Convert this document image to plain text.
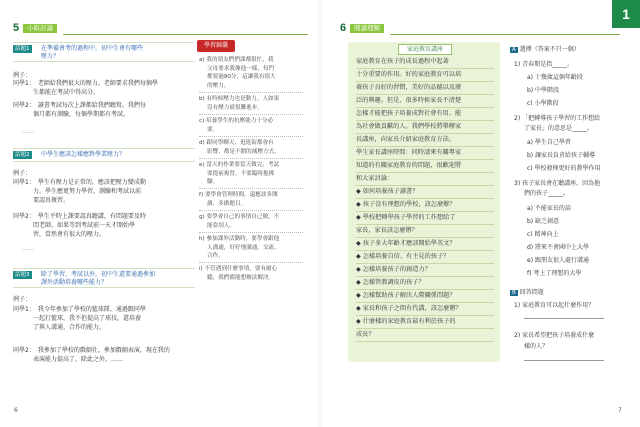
5	小組討論
話題1	在準備會考的過程中，初中生會有哪些
壓力？
例子：
同學1： 老師給我們很大的壓力。老師要求我們每個學
生都能在考試中得高分。
同學2： 讀書考試每次上課都給我們聽寫。我們每
個月都有測驗，每個學期都有考試。
……
話題2	中學生應該怎樣應對學業壓力？
例子：
同學1： 學生有壓力是正常的，應該把壓力變成動
力。學生應更努力學習，測驗和考試以前
要認真複習。
同學2： 學生平時上課要認真聽講，有問題要及時
問老師。如果等到考試前一天才開始學
習，當然會有很大的壓力。
……
話題3	除了學習、考試以外，初中生還要通過參加
課外活動培養哪些能力？
例子：
同學1： 我今年參加了學校的籃球隊，通過跟同學
一起打籃球，我不但提高了球技，還培養
了與人溝通、合作的能力。
同學2： 我參加了學校的戲劇社，參加戲劇表演，現在我的
表演能力提高了。除此之外，……
學習錦囊
a) 我的朋友們們課都很忙，我
父母要求我像他一樣，每門
都要過90分，這讓我有很大
的壓力。
b) 有時候壓力也是動力，人如果
沒有壓力就很難進步。
c) 培養學生的抗壓能力十分必
要。
d) 跟同學聊天、逛逛街都會有
影響，都是不錯的減壓方式。
e) 當天的作業要當天做完，考試
要提前複習，不要臨時抱佛
腳。
f) 要學會管理時間，還應該多閱
讀、多做題目。
g) 要學會自己的事情自己做，不
能靠別人。
h) 參加課外活動時，要學會跟他
人溝通，好好地溝通、交流、
合作。
i) 不管遇到什麼事情，要有耐心
聽，我們都能想辦法解決。
6
6	閱讀理解
1
家庭教育講座
家庭教育在孩子的成長過程中起著
十分重要的作用。好的家庭教育可以培
養孩子良好的習慣，美好的品德以及廣
泛的興趣。但是，很多時候家長不清楚
怎樣才能把孩子培養成對社會有用、能
為社會做貢獻的人。我們學校將舉辦家
長講座，向家長介紹家庭教育方法。
學生家長講座時間：同時請來有關專家
知道的有關家庭教育的問題，很歡迎將
和大家討論：
◆ 如何培養孩子讀書？
◆ 孩子沒有理想的學校，該怎麼辦？
◆ 學校把轉學孩子學習的工作想給了
家長，家長該怎麼辦？
◆ 孩子多大年齡才應該開始學英文？
◆ 怎樣培養自信、有主見的孩子？
◆ 怎樣培養孩子的創造力？
◆ 怎樣管教調皮的孩子？
◆ 怎樣幫助孩子解決人際關係問題？
◆ 家長和孩子之間有代溝，該怎麼辦？
◆ 什麼樣的家庭教育最有利於孩子的
成長？
A 選擇（答案不只一個）
1) 青春期是指_____。
a) 十幾歲這個年齡段
b) 中學階段
c) 小學階段
2) 「把轉導孩子學習的工作想給
了家長」的意思是_____。
a) 學生自己學習
b) 讓家長負責給孩子輔導
c) 學校發揮更好的教學作用
3) 孩子家長會在聽講座，因為他
們的孩子_____。
a) 不能家長的話
b) 缺乏創意
c) 精神向上
d) 將來不會國中上大學
e) 跟朋友很人處行溝通
f) 考上了理想的大學
B 回答問題
1) 家庭教育可以起什麼作用？
2) 家長希望把孩子培養成什麼
樣的人？
7
